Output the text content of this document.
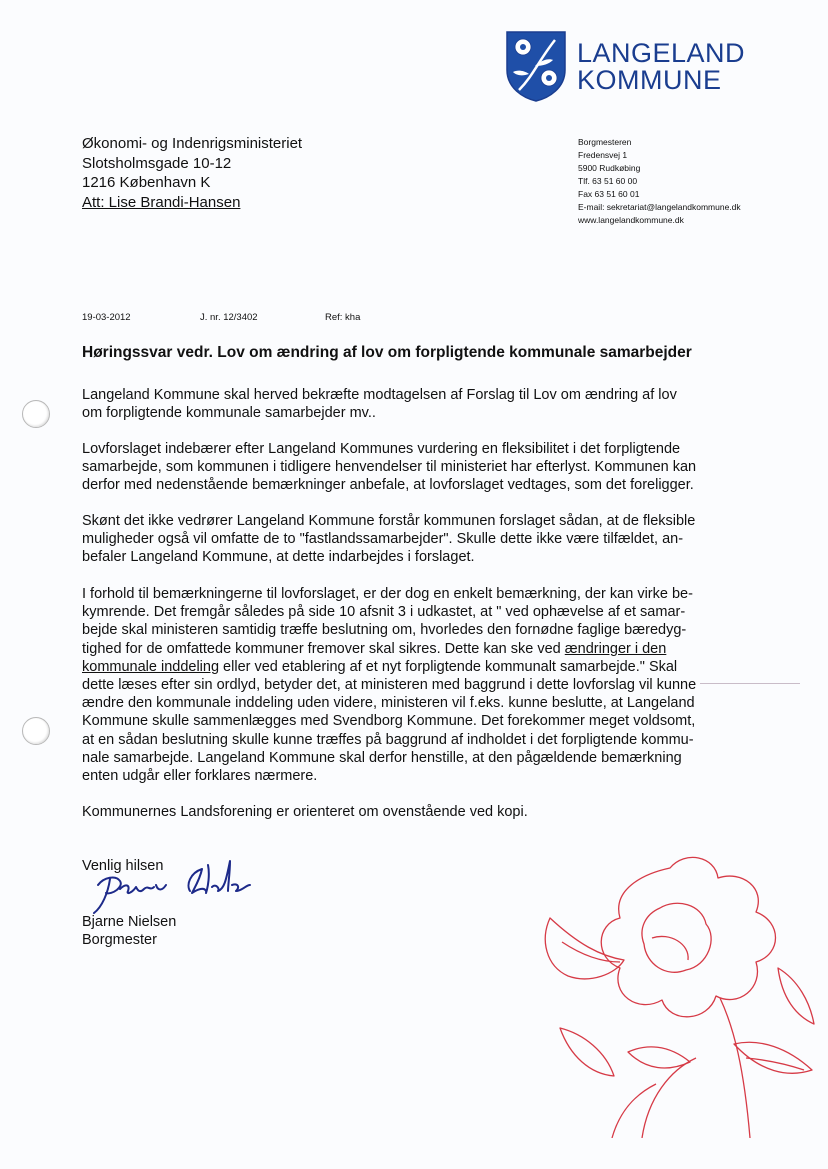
LANGELAND
KOMMUNE
Økonomi- og Indenrigsministeriet
Slotsholmsgade 10-12
1216 København K
Att: Lise Brandi-Hansen
Borgmesteren
Fredensvej 1
5900 Rudkøbing
Tlf. 63 51 60 00
Fax 63 51 60 01
E-mail: sekretariat@langelandkommune.dk
www.langelandkommune.dk
19-03-2012	J. nr. 12/3402	Ref: kha
Høringssvar vedr. Lov om ændring af lov om forpligtende kommunale samarbejder
Langeland Kommune skal herved bekræfte modtagelsen af Forslag til Lov om ændring af lov
om forpligtende kommunale samarbejder mv..
Lovforslaget indebærer efter Langeland Kommunes vurdering en fleksibilitet i det forpligtende
samarbejde, som kommunen i tidligere henvendelser til ministeriet har efterlyst. Kommunen kan
derfor med nedenstående bemærkninger anbefale, at lovforslaget vedtages, som det foreligger.
Skønt det ikke vedrører Langeland Kommune forstår kommunen forslaget sådan, at de fleksible
muligheder også vil omfatte de to "fastlandssamarbejder". Skulle dette ikke være tilfældet, an-
befaler Langeland Kommune, at dette indarbejdes i forslaget.
I forhold til bemærkningerne til lovforslaget, er der dog en enkelt bemærkning, der kan virke be-
kymrende. Det fremgår således på side 10 afsnit 3 i udkastet, at " ved ophævelse af et samar-
bejde skal ministeren samtidig træffe beslutning om, hvorledes den fornødne faglige bæredyg-
tighed for de omfattede kommuner fremover skal sikres. Dette kan ske ved ændringer i den
kommunale inddeling eller ved etablering af et nyt forpligtende kommunalt samarbejde." Skal
dette læses efter sin ordlyd, betyder det, at ministeren med baggrund i dette lovforslag vil kunne
ændre den kommunale inddeling uden videre, ministeren vil f.eks. kunne beslutte, at Langeland
Kommune skulle sammenlægges med Svendborg Kommune. Det forekommer meget voldsomt,
at en sådan beslutning skulle kunne træffes på baggrund af indholdet i det forpligtende kommu-
nale samarbejde. Langeland Kommune skal derfor henstille, at den pågældende bemærkning
enten udgår eller forklares nærmere.
Kommunernes Landsforening er orienteret om ovenstående ved kopi.
Venlig hilsen
Bjarne Nielsen
Borgmester
